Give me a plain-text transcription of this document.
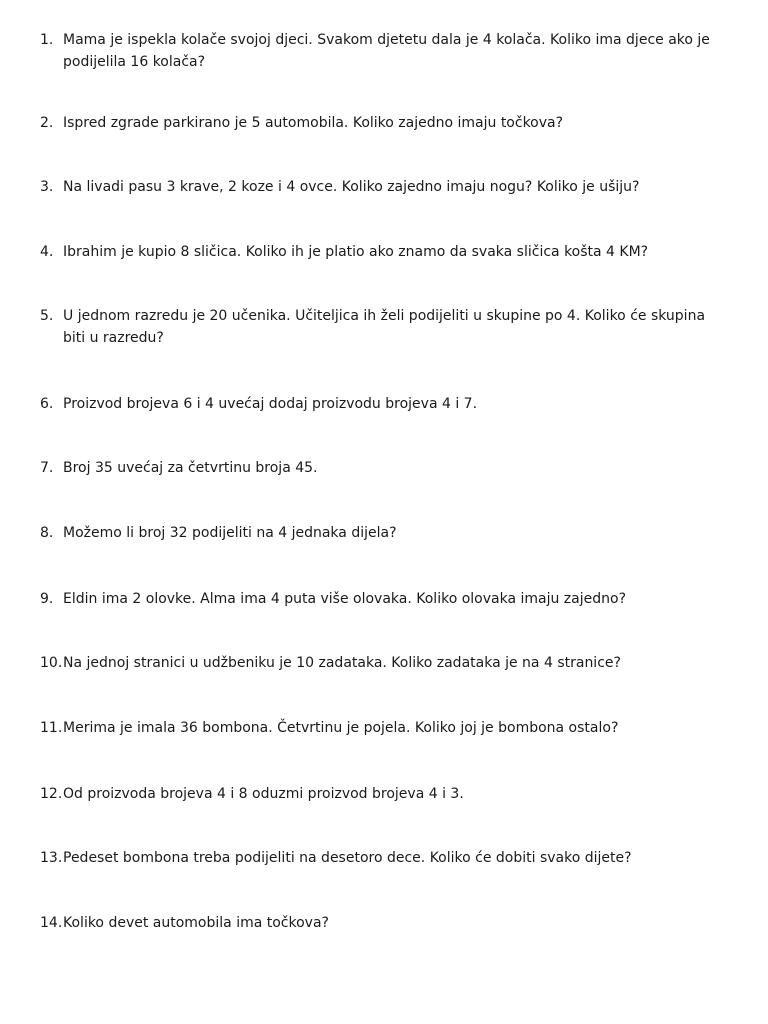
1. Mama je ispekla kolače svojoj djeci. Svakom djetetu dala je 4 kolača. Koliko ima djece ako je podijelila 16 kolača?
2. Ispred zgrade parkirano je 5 automobila. Koliko zajedno imaju točkova?
3. Na livadi pasu 3 krave, 2 koze i 4 ovce. Koliko zajedno imaju nogu? Koliko je ušiju?
4. Ibrahim je kupio 8 sličica. Koliko ih je platio ako znamo da svaka sličica košta 4 KM?
5. U jednom razredu je 20 učenika. Učiteljica ih želi podijeliti u skupine po 4. Koliko će skupina biti u razredu?
6. Proizvod brojeva 6 i 4 uvećaj dodaj proizvodu brojeva 4 i 7.
7. Broj 35 uvećaj za četvrtinu broja 45.
8. Možemo li broj 32 podijeliti na 4 jednaka dijela?
9. Eldin ima 2 olovke. Alma ima 4 puta više olovaka. Koliko olovaka imaju zajedno?
10. Na jednoj stranici u udžbeniku je 10 zadataka. Koliko zadataka je na 4 stranice?
11. Merima je imala 36 bombona. Četvrtinu je pojela. Koliko joj je bombona ostalo?
12. Od proizvoda brojeva 4 i 8 oduzmi proizvod brojeva 4 i 3.
13. Pedeset bombona treba podijeliti na desetoro dece. Koliko će dobiti svako dijete?
14. Koliko devet automobila ima točkova?
